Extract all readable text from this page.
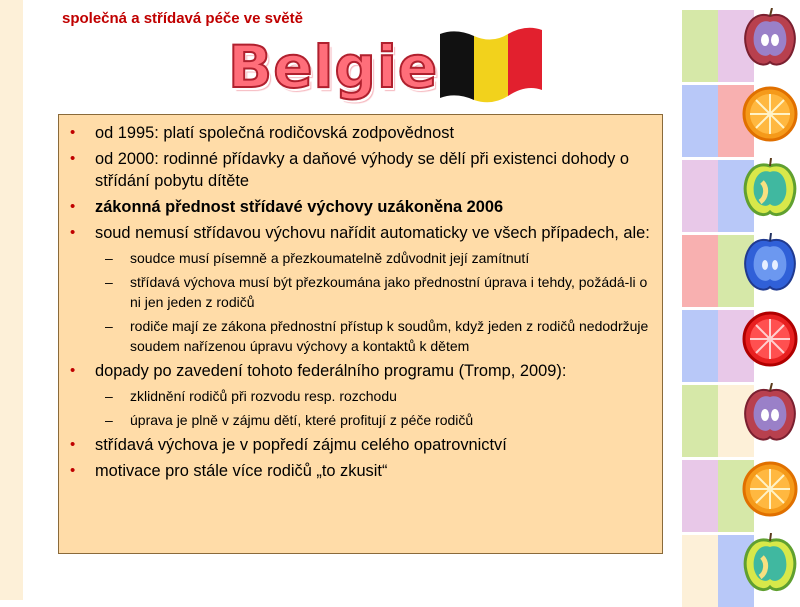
společná a střídavá péče ve světě
Belgie
• od 1995: platí společná rodičovská zodpovědnost
• od 2000: rodinné přídavky a daňové výhody se dělí při existenci dohody o střídání pobytu dítěte
• zákonná přednost střídavé výchovy uzákoněna 2006
• soud nemusí střídavou výchovu nařídit automaticky ve všech případech, ale:
– soudce musí písemně a přezkoumatelně zdůvodnit její zamítnutí
– střídavá výchova musí být přezkoumána jako přednostní úprava i tehdy, požádá-li o ni jen jeden z rodičů
– rodiče mají ze zákona přednostní přístup k soudům, když jeden z rodičů nedodržuje soudem nařízenou úpravu výchovy a kontaktů k dětem
• dopady po zavedení tohoto federálního programu (Tromp, 2009):
– zklidnění rodičů při rozvodu resp. rozchodu
– úprava je plně v zájmu dětí, které profitují z péče rodičů
• střídavá výchova je v popředí zájmu celého opatrovnictví
• motivace pro stále více rodičů „to zkusit“
